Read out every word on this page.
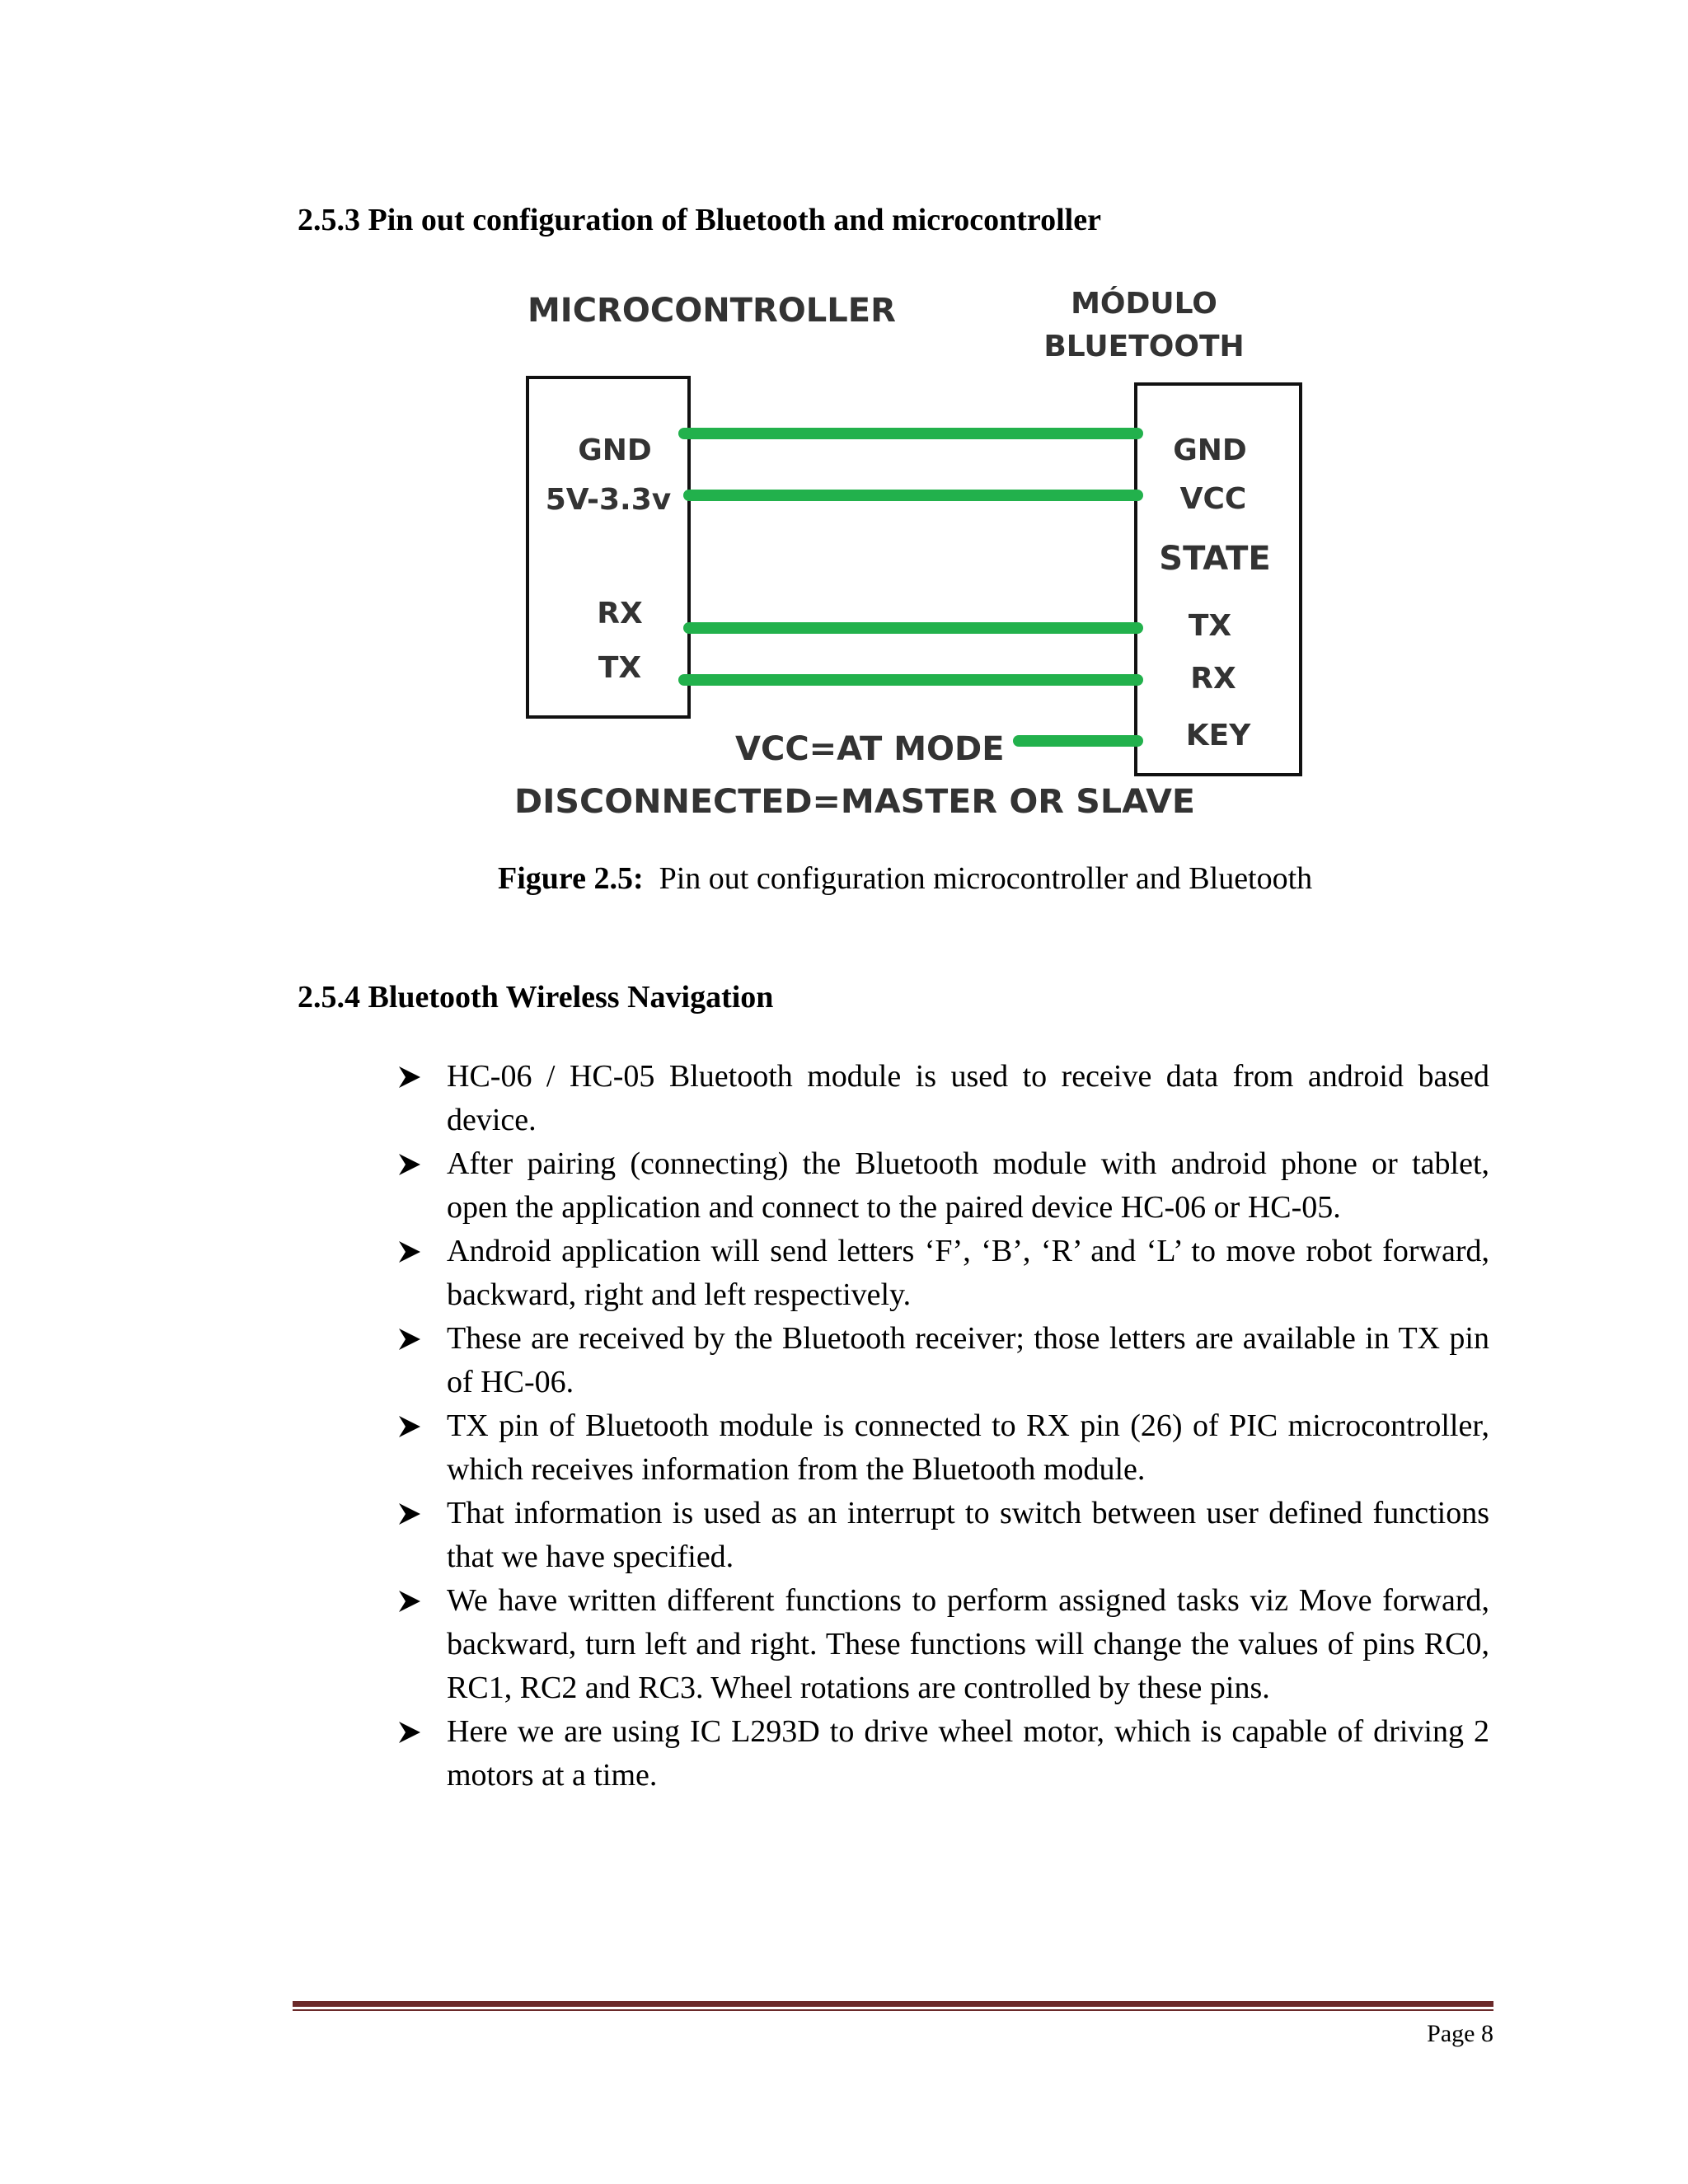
2.5.3 Pin out configuration of Bluetooth and microcontroller
MICROCONTROLLER	MÓDULO
BLUETOOTH
GND
5V-3.3v
RX
TX
GND
VCC
STATE
TX
RX
KEY
VCC=AT MODE
DISCONNECTED=MASTER OR SLAVE
Figure 2.5: Pin out configuration microcontroller and Bluetooth
2.5.4 Bluetooth Wireless Navigation
HC-06 / HC-05 Bluetooth module is used to receive data from android based device.
After pairing (connecting) the Bluetooth module with android phone or tablet, open the application and connect to the paired device HC-06 or HC-05.
Android application will send letters ‘F’, ‘B’, ‘R’ and ‘L’ to move robot forward, backward, right and left respectively.
These are received by the Bluetooth receiver; those letters are available in TX pin of HC-06.
TX pin of Bluetooth module is connected to RX pin (26) of PIC microcontroller, which receives information from the Bluetooth module.
That information is used as an interrupt to switch between user defined functions that we have specified.
We have written different functions to perform assigned tasks viz Move forward, backward, turn left and right. These functions will change the values of pins RC0, RC1, RC2 and RC3. Wheel rotations are controlled by these pins.
Here we are using IC L293D to drive wheel motor, which is capable of driving 2 motors at a time.
Page 8
